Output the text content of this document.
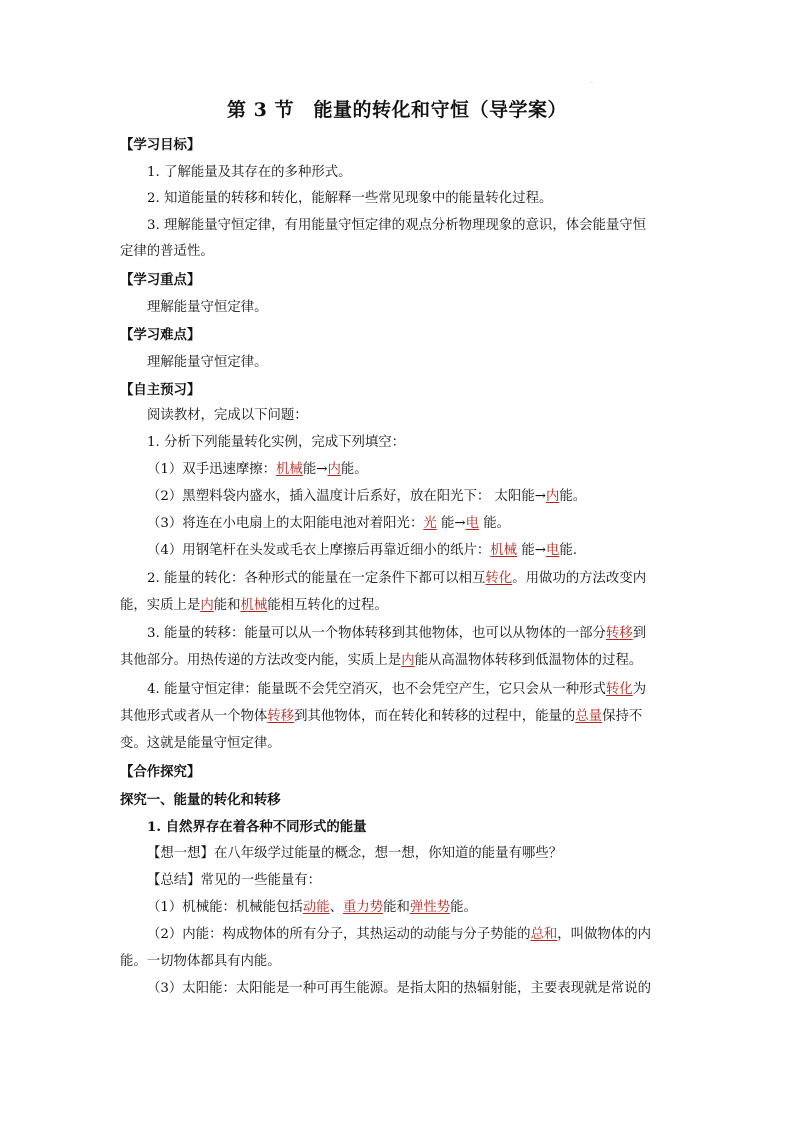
·
第 3 节　能量的转化和守恒（导学案）
【学习目标】
1. 了解能量及其存在的多种形式。
2. 知道能量的转移和转化，能解释一些常见现象中的能量转化过程。
3. 理解能量守恒定律，有用能量守恒定律的观点分析物理现象的意识，体会能量守恒
定律的普适性。
【学习重点】
理解能量守恒定律。
【学习难点】
理解能量守恒定律。
【自主预习】
阅读教材，完成以下问题：
1. 分析下列能量转化实例，完成下列填空：
（1）双手迅速摩擦：机械能→内能。
（2）黑塑料袋内盛水，插入温度计后系好，放在阳光下： 太阳能→内能。
（3）将连在小电扇上的太阳能电池对着阳光：光 能→电 能。
（4）用钢笔杆在头发或毛衣上摩擦后再靠近细小的纸片：机械 能→电能.
2. 能量的转化：各种形式的能量在一定条件下都可以相互转化。用做功的方法改变内
能，实质上是内能和机械能相互转化的过程。
3. 能量的转移：能量可以从一个物体转移到其他物体，也可以从物体的一部分转移到
其他部分。用热传递的方法改变内能，实质上是内能从高温物体转移到低温物体的过程。
4. 能量守恒定律：能量既不会凭空消灭，也不会凭空产生，它只会从一种形式转化为
其他形式或者从一个物体转移到其他物体，而在转化和转移的过程中，能量的总量保持不
变。这就是能量守恒定律。
【合作探究】
探究一、能量的转化和转移
1. 自然界存在着各种不同形式的能量
【想一想】在八年级学过能量的概念，想一想，你知道的能量有哪些？
【总结】常见的一些能量有：
（1）机械能：机械能包括动能、重力势能和弹性势能。
（2）内能：构成物体的所有分子，其热运动的动能与分子势能的总和，叫做物体的内
能。一切物体都具有内能。
（3）太阳能：太阳能是一种可再生能源。是指太阳的热辐射能，主要表现就是常说的
